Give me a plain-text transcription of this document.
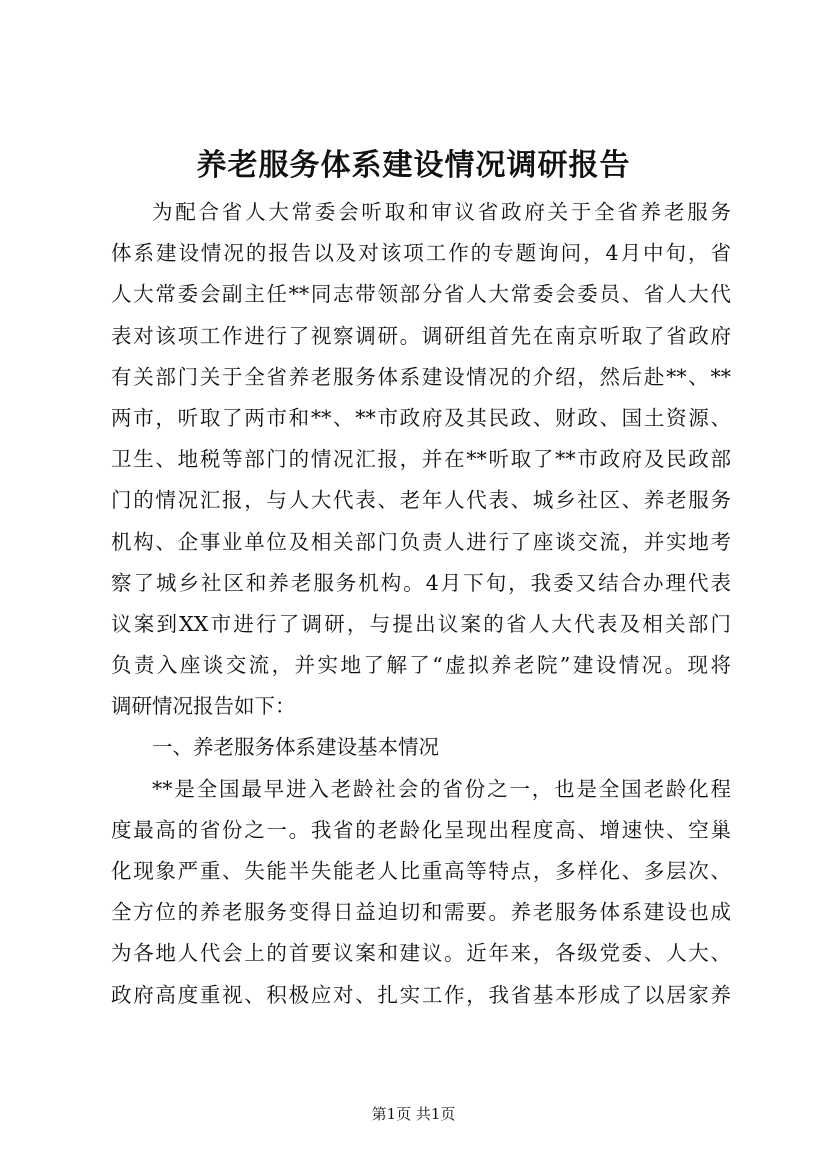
养老服务体系建设情况调研报告
为配合省人大常委会听取和审议省政府关于全省养老服务
体系建设情况的报告以及对该项工作的专题询问，4月中旬，省
人大常委会副主任**同志带领部分省人大常委会委员、省人大代
表对该项工作进行了视察调研。调研组首先在南京听取了省政府
有关部门关于全省养老服务体系建设情况的介绍，然后赴**、**
两市，听取了两市和**、**市政府及其民政、财政、国土资源、
卫生、地税等部门的情况汇报，并在**听取了**市政府及民政部
门的情况汇报，与人大代表、老年人代表、城乡社区、养老服务
机构、企事业单位及相关部门负责人进行了座谈交流，并实地考
察了城乡社区和养老服务机构。4月下旬，我委又结合办理代表
议案到XX市进行了调研，与提出议案的省人大代表及相关部门
负责入座谈交流，并实地了解了“虚拟养老院”建设情况。现将
调研情况报告如下：
一、养老服务体系建设基本情况
**是全国最早进入老龄社会的省份之一，也是全国老龄化程
度最高的省份之一。我省的老龄化呈现出程度高、增速快、空巢
化现象严重、失能半失能老人比重高等特点，多样化、多层次、
全方位的养老服务变得日益迫切和需要。养老服务体系建设也成
为各地人代会上的首要议案和建议。近年来，各级党委、人大、
政府高度重视、积极应对、扎实工作，我省基本形成了以居家养
第1页 共1页
